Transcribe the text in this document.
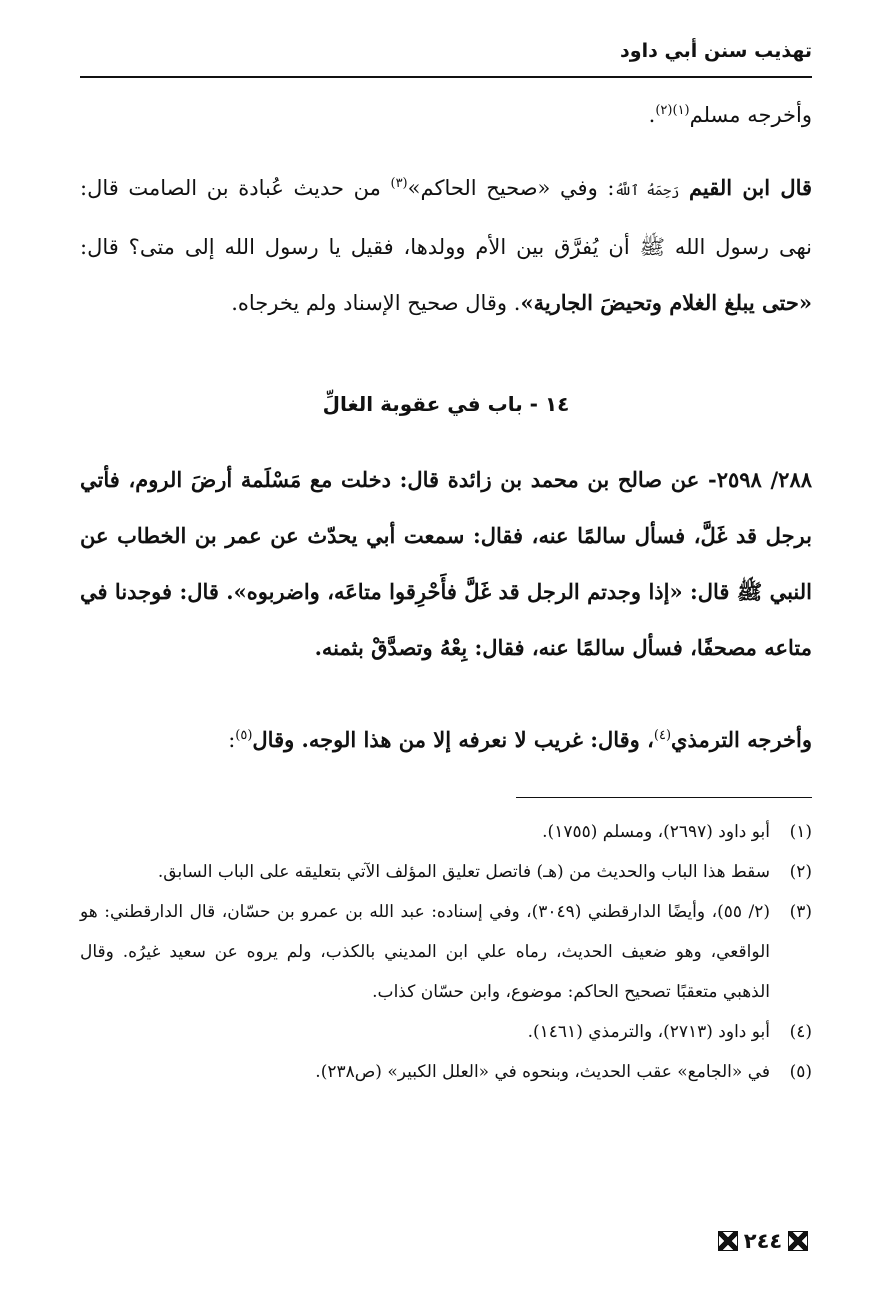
تهذيب سنن أبي داود

وأخرجه مسلم$^{(١)(٢)}$.

قال ابن القيم رَحِمَهُ ٱللَّهُ: وفي «صحيح الحاكم»$^{(٣)}$ من حديث عُبادة بن الصامت قال: نهى رسول الله ﷺ أن يُفرَّق بين الأم وولدها، فقيل يا رسول الله إلى متى؟ قال: «حتى يبلغ الغلام وتحيضَ الجارية». وقال صحيح الإسناد ولم يخرجاه.

١٤ - باب في عقوبة الغالِّ

٢٨٨/ ٢٥٩٨- عن صالح بن محمد بن زائدة قال: دخلت مع مَسْلَمة أرضَ الروم، فأتي برجل قد غَلَّ، فسأل سالمًا عنه، فقال: سمعت أبي يحدّث عن عمر بن الخطاب عن النبي ﷺ قال: «إذا وجدتم الرجل قد غَلَّ فأَحْرِقوا متاعَه، واضربوه». قال: فوجدنا في متاعه مصحفًا، فسأل سالمًا عنه، فقال: بِعْهُ وتصدَّقْ بثمنه.

وأخرجه الترمذي$^{(٤)}$، وقال: غريب لا نعرفه إلا من هذا الوجه. وقال$^{(٥)}$:

(١)
أبو داود (٢٦٩٧)، ومسلم (١٧٥٥).
(٢)
سقط هذا الباب والحديث من (هـ) فاتصل تعليق المؤلف الآتي بتعليقه على الباب السابق.
(٣)
(٢/ ٥٥)، وأيضًا الدارقطني (٣٠٤٩)، وفي إسناده: عبد الله بن عمرو بن حسّان، قال الدارقطني: هو الواقعي، وهو ضعيف الحديث، رماه علي ابن المديني بالكذب، ولم يروه عن سعيد غيرُه. وقال الذهبي متعقبًا تصحيح الحاكم: موضوع، وابن حسّان كذاب.
(٤)
أبو داود (٢٧١٣)، والترمذي (١٤٦١).
(٥)
في «الجامع» عقب الحديث، وبنحوه في «العلل الكبير» (ص٢٣٨).
٢٤٤
